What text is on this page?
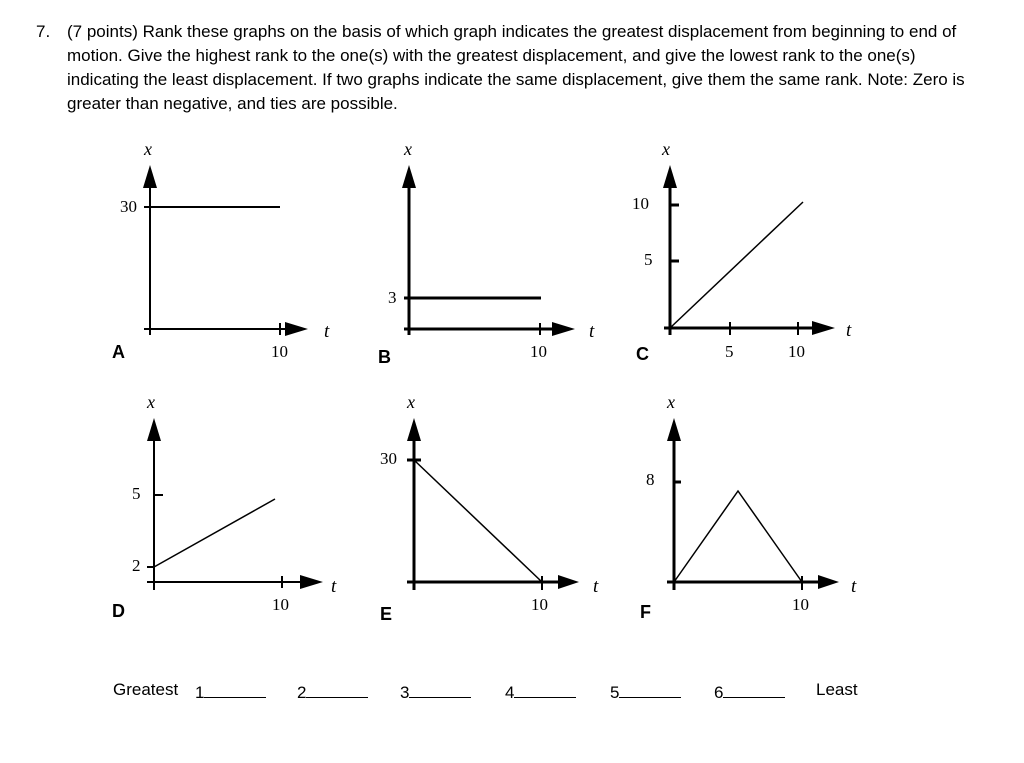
7. (7 points) Rank these graphs on the basis of which graph indicates the greatest displacement from beginning to end of motion. Give the highest rank to the one(s) with the greatest displacement, and give the lowest rank to the one(s) indicating the least displacement. If two graphs indicate the same displacement, give them the same rank. Note: Zero is greater than negative, and ties are possible.
x
30
t
10
A
x
3
t
10
B
x
10
5
t
5	10
C
x
5
2
t
10
D
x
30
t
10
E
x
8
t
10
F
Greatest 1	2	3	4	5	6	Least
